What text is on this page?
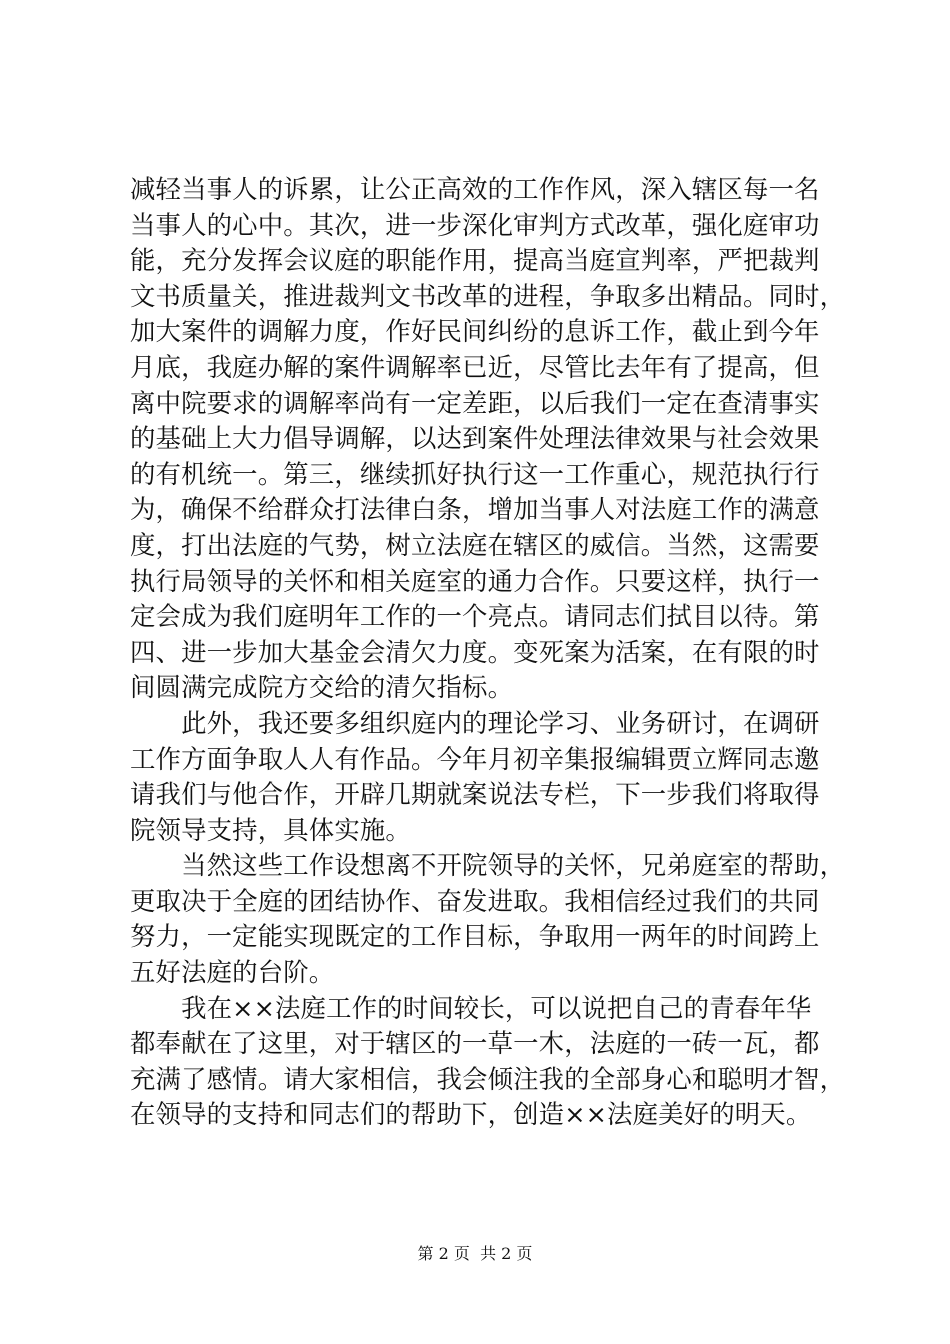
减轻当事人的诉累，让公正高效的工作作风，深入辖区每一名
当事人的心中。其次，进一步深化审判方式改革，强化庭审功
能，充分发挥会议庭的职能作用，提高当庭宣判率，严把裁判
文书质量关，推进裁判文书改革的进程，争取多出精品。同时，
加大案件的调解力度，作好民间纠纷的息诉工作，截止到今年
月底，我庭办解的案件调解率已近，尽管比去年有了提高，但
离中院要求的调解率尚有一定差距，以后我们一定在查清事实
的基础上大力倡导调解，以达到案件处理法律效果与社会效果
的有机统一。第三，继续抓好执行这一工作重心，规范执行行
为，确保不给群众打法律白条，增加当事人对法庭工作的满意
度，打出法庭的气势，树立法庭在辖区的威信。当然，这需要
执行局领导的关怀和相关庭室的通力合作。只要这样，执行一
定会成为我们庭明年工作的一个亮点。请同志们拭目以待。第
四、进一步加大基金会清欠力度。变死案为活案，在有限的时
间圆满完成院方交给的清欠指标。
　　此外，我还要多组织庭内的理论学习、业务研讨，在调研
工作方面争取人人有作品。今年月初辛集报编辑贾立辉同志邀
请我们与他合作，开辟几期就案说法专栏，下一步我们将取得
院领导支持，具体实施。
　　当然这些工作设想离不开院领导的关怀，兄弟庭室的帮助，
更取决于全庭的团结协作、奋发进取。我相信经过我们的共同
努力，一定能实现既定的工作目标，争取用一两年的时间跨上
五好法庭的台阶。
　　我在××法庭工作的时间较长，可以说把自己的青春年华
都奉献在了这里，对于辖区的一草一木，法庭的一砖一瓦，都
充满了感情。请大家相信，我会倾注我的全部身心和聪明才智，
在领导的支持和同志们的帮助下，创造××法庭美好的明天。
第 2 页  共 2 页
